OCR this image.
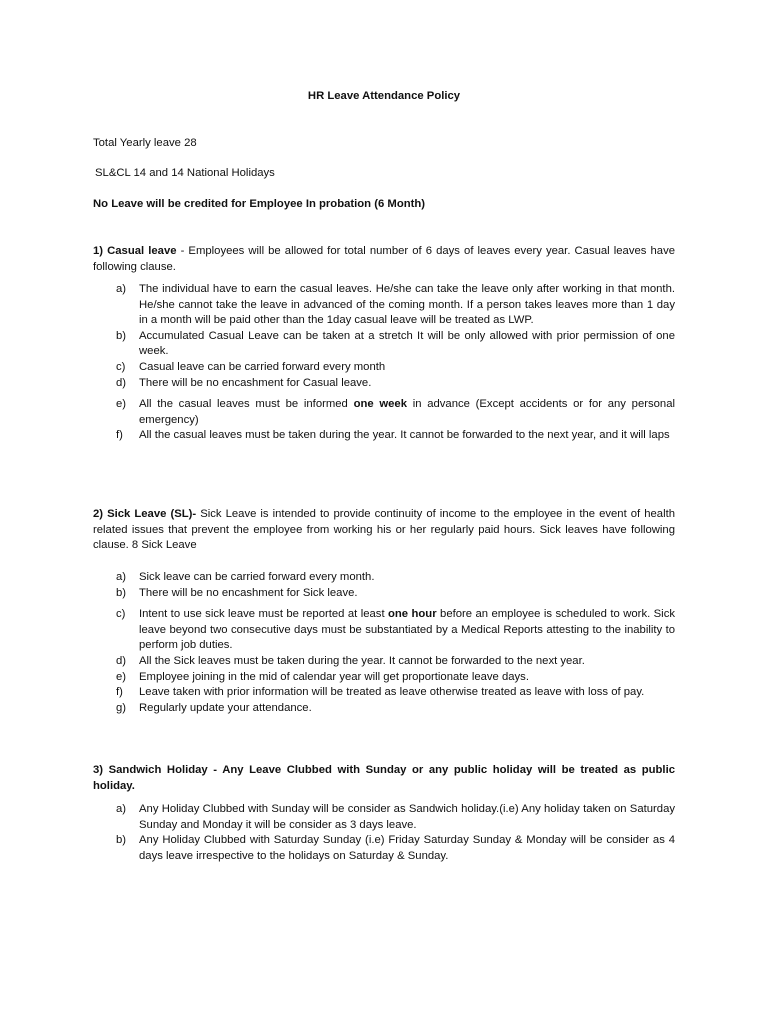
HR Leave Attendance Policy

Total Yearly leave 28

SL&CL 14 and 14 National Holidays

No Leave will be credited for Employee In probation (6 Month)

1) Casual leave - Employees will be allowed for total number of 6 days of leaves every year. Casual leaves have following clause.

a) The individual have to earn the casual leaves. He/she can take the leave only after working in that month. He/she cannot take the leave in advanced of the coming month. If a person takes leaves more than 1 day in a month will be paid other than the 1day casual leave will be treated as LWP.
b) Accumulated Casual Leave can be taken at a stretch It will be only allowed with prior permission of one week.
c) Casual leave can be carried forward every month
d) There will be no encashment for Casual leave.
e) All the casual leaves must be informed one week in advance (Except accidents or for any personal emergency)
f) All the casual leaves must be taken during the year. It cannot be forwarded to the next year, and it will laps

2) Sick Leave (SL)- Sick Leave is intended to provide continuity of income to the employee in the event of health related issues that prevent the employee from working his or her regularly paid hours. Sick leaves have following clause. 8 Sick Leave

a) Sick leave can be carried forward every month.
b) There will be no encashment for Sick leave.
c) Intent to use sick leave must be reported at least one hour before an employee is scheduled to work. Sick leave beyond two consecutive days must be substantiated by a Medical Reports attesting to the inability to perform job duties.
d) All the Sick leaves must be taken during the year. It cannot be forwarded to the next year.
e) Employee joining in the mid of calendar year will get proportionate leave days.
f) Leave taken with prior information will be treated as leave otherwise treated as leave with loss of pay.
g) Regularly update your attendance.

3) Sandwich Holiday - Any Leave Clubbed with Sunday or any public holiday will be treated as public holiday.

a) Any Holiday Clubbed with Sunday will be consider as Sandwich holiday.(i.e) Any holiday taken on Saturday Sunday and Monday it will be consider as 3 days leave.
b) Any Holiday Clubbed with Saturday Sunday (i.e) Friday Saturday Sunday & Monday will be consider as 4 days leave irrespective to the holidays on Saturday & Sunday.
